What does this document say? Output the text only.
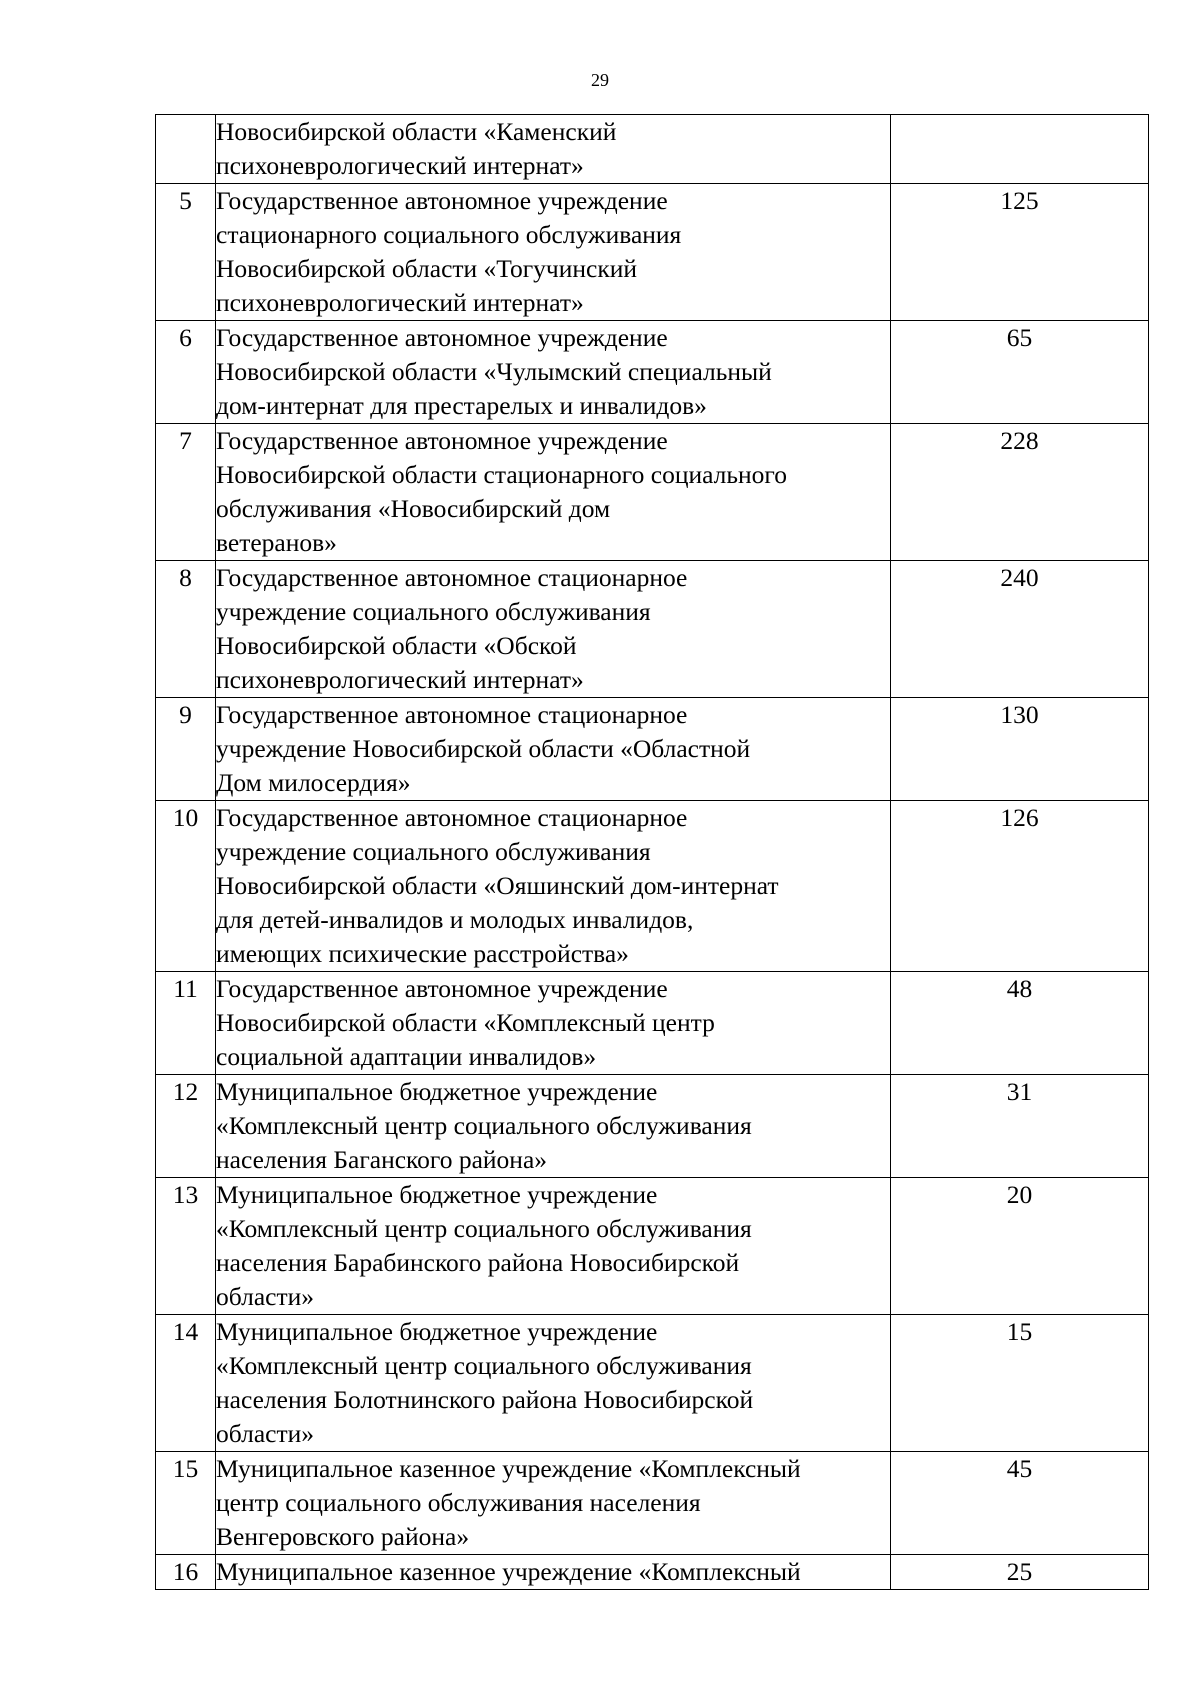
29

	Новосибирской области «Каменский
психоневрологический интернат»	

5	Государственное автономное учреждение
стационарного социального обслуживания
Новосибирской области «Тогучинский
психоневрологический интернат»	125
6	Государственное автономное учреждение
Новосибирской области «Чулымский специальный
дом-интернат для престарелых и инвалидов»	65
7	Государственное автономное учреждение
Новосибирской области стационарного социального
обслуживания «Новосибирский дом
ветеранов»	228
8	Государственное автономное стационарное
учреждение социального обслуживания
Новосибирской области «Обской
психоневрологический интернат»	240
9	Государственное автономное стационарное
учреждение Новосибирской области «Областной
Дом милосердия»	130
10	Государственное автономное стационарное
учреждение социального обслуживания
Новосибирской области «Ояшинский дом-интернат
для детей-инвалидов и молодых инвалидов,
имеющих психические расстройства»	126
11	Государственное автономное учреждение
Новосибирской области «Комплексный центр
социальной адаптации инвалидов»	48
12	Муниципальное бюджетное учреждение
«Комплексный центр социального обслуживания
населения Баганского района»	31
13	Муниципальное бюджетное учреждение
«Комплексный центр социального обслуживания
населения Барабинского района Новосибирской
области»	20
14	Муниципальное бюджетное учреждение
«Комплексный центр социального обслуживания
населения Болотнинского района Новосибирской
области»	15
15	Муниципальное казенное учреждение «Комплексный
центр социального обслуживания населения
Венгеровского района»	45
16	Муниципальное казенное учреждение «Комплексный	25
